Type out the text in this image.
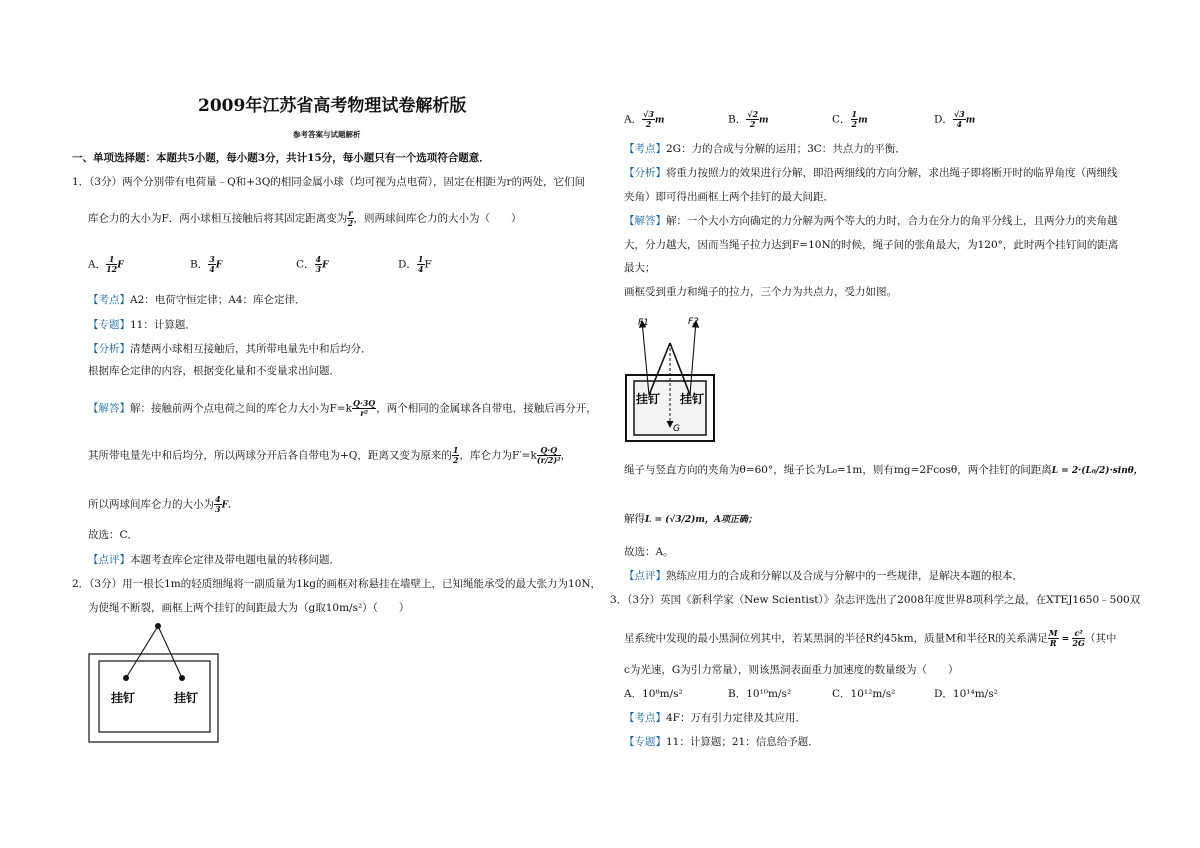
2009年江苏省高考物理试卷解析版
参考答案与试题解析
一、单项选择题：本题共5小题，每小题3分，共计15分，每小题只有一个选项符合题意．
1．（3分）两个分别带有电荷量﹣Q和+3Q的相同金属小球（均可视为点电荷），固定在相距为r的两处，它们间
库仑力的大小为F．两小球相互接触后将其固定距离变为 $\frac{r}{2}$ ，则两球间库仑力的大小为（　　）
A． $\frac{1}{12}$ F	B． $\frac{3}{4}$ F	C． $\frac{4}{3}$ F	D． $\frac{1}{4}$ F
【考点】A2：电荷守恒定律；A4：库仑定律．
【专题】11：计算题．
【分析】清楚两小球相互接触后，其所带电量先中和后均分．
根据库仑定律的内容，根据变化量和不变量求出问题．
【解答】解：接触前两个点电荷之间的库仑力大小为$F=k \frac{Q\cdot 3Q}{\text{r²}}$ ，两个相同的金属球各自带电，接触后再分开，
其所带电量先中和后均分，所以两球分开后各自带电为+Q，距离又变为原来的 $\frac{1}{2}$ ，库仑力为$F'=k \frac{Q\cdot Q}{\text{(r/2)²}}$ ，
所以两球间库仑力的大小为 $\frac{4}{3}$ F．
故选：C．
【点评】本题考查库仑定律及带电题电量的转移问题．
2．（3分）用一根长1m的轻质细绳将一副质量为1kg的画框对称悬挂在墙壁上，已知绳能承受的最大张力为10N，
为使绳不断裂，画框上两个挂钉的间距最大为（g取10m/s²）（　　）
挂钉	挂钉
A． $\frac{√3}{2}$ m	B． $\frac{√2}{2}$ m	C． $\frac{1}{2}$ m	D． $\frac{√3}{4}$ m
【考点】2G：力的合成与分解的运用；3C：共点力的平衡．
【分析】将重力按照力的效果进行分解，即沿两细线的方向分解，求出绳子即将断开时的临界角度（两细线
夹角）即可得出画框上两个挂钉的最大间距．
【解答】解：一个大小方向确定的力分解为两个等大的力时，合力在分力的角平分线上，且两分力的夹角越
大，分力越大，因而当绳子拉力达到F=10N的时候，绳子间的张角最大，为120°，此时两个挂钉间的距离
最大；
画框受到重力和绳子的拉力，三个力为共点力，受力如图。
F1	F2
G
挂钉 挂钉
绳子与竖直方向的夹角为θ=60°，绳子长为L₀=1m，则有mg=2Fcosθ，两个挂钉的间距离L = 2·(L₀/2)·sinθ，
解得L = (√3/2)m，A项正确；
故选：A。
【点评】熟练应用力的合成和分解以及合成与分解中的一些规律，是解决本题的根本．
3．（3分）英国《新科学家（New Scientist）》杂志评选出了2008年度世界8项科学之最，在XTEJ1650﹣500双
星系统中发现的最小黑洞位列其中，若某黑洞的半径R约45km，质量M和半径R的关系满足 $\frac{M}{R} = \frac{\text{c²}}{2G}$ （其中
c为光速，G为引力常量），则该黑洞表面重力加速度的数量级为（　　）
A．10⁸m/s²	B．10¹⁰m/s²	C．10¹²m/s²	D．10¹⁴m/s²
【考点】4F：万有引力定律及其应用．
【专题】11：计算题；21：信息给予题．
